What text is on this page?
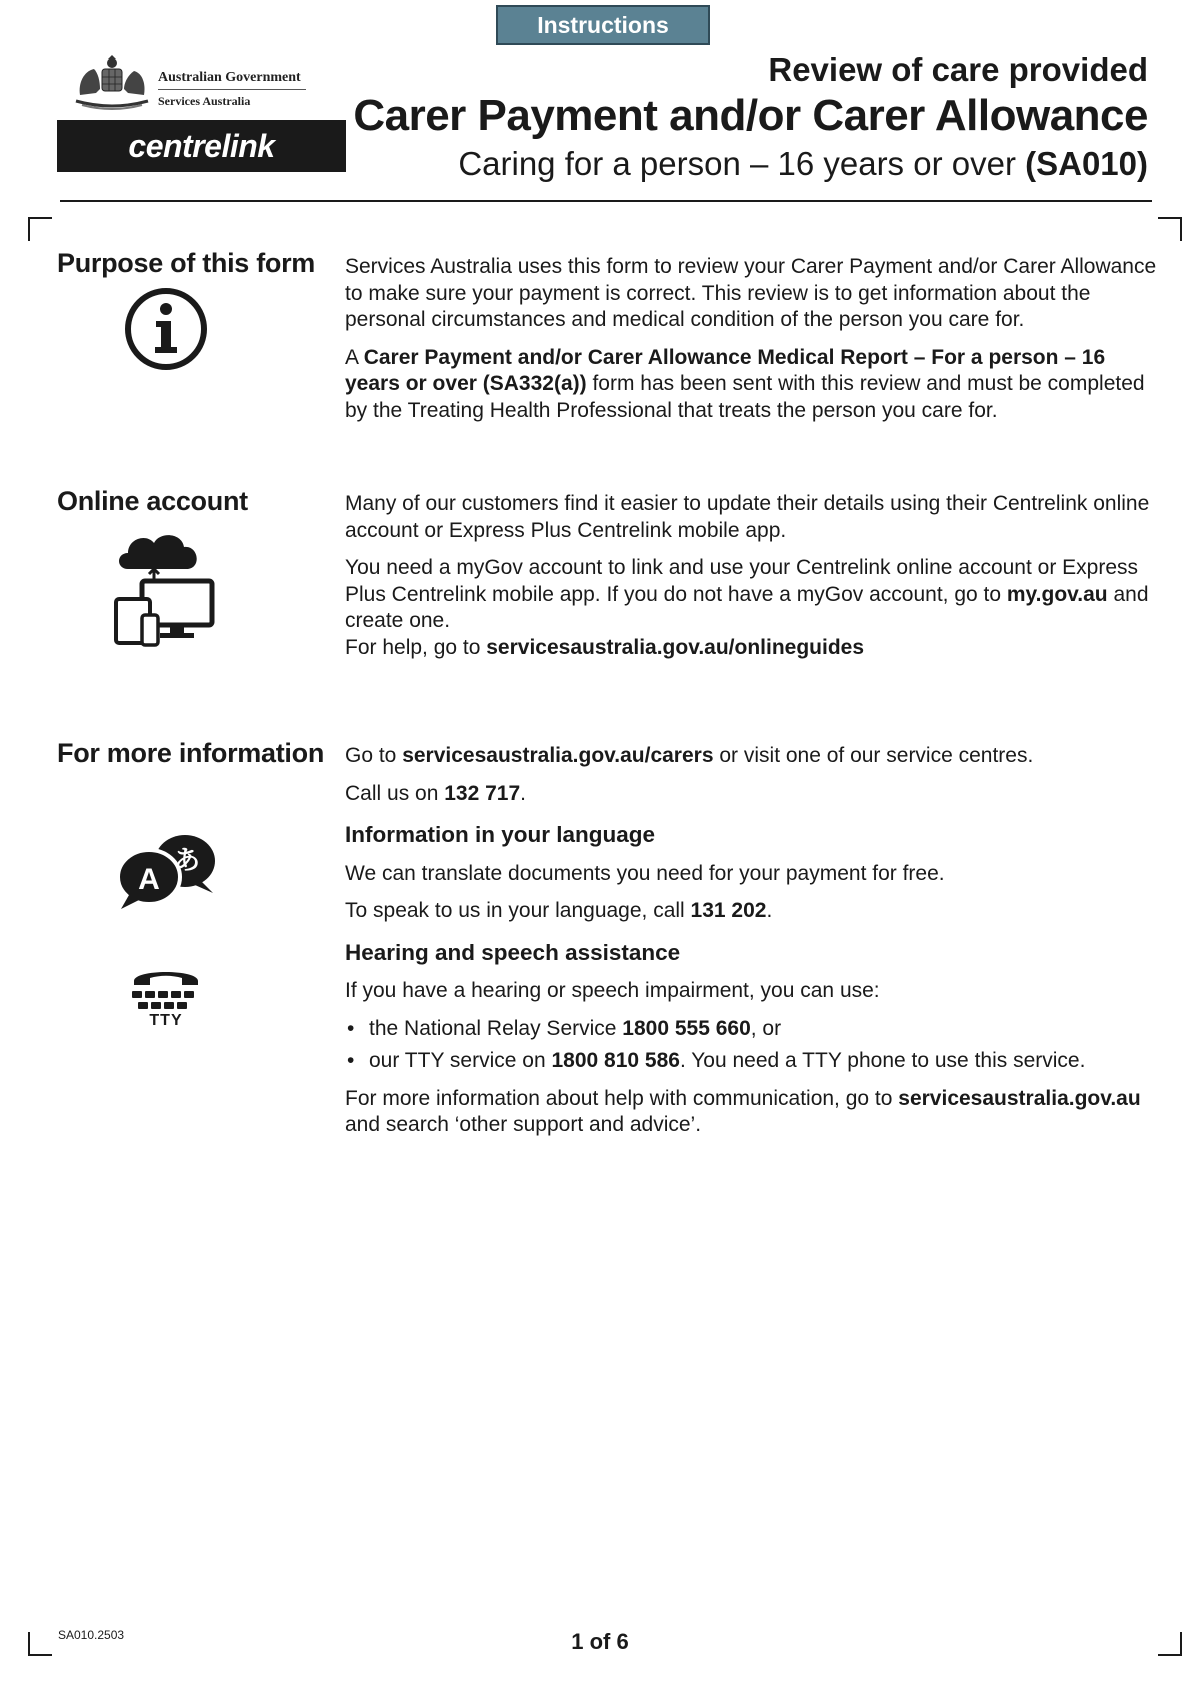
Instructions
Australian Government
Services Australia
centrelink
Review of care provided
Carer Payment and/or Carer Allowance
Caring for a person – 16 years or over (SA010)
Purpose of this form Services Australia uses this form to review your Carer Payment and/or Carer Allowance to make sure your payment is correct. This review is to get information about the personal circumstances and medical condition of the person you care for.

A Carer Payment and/or Carer Allowance Medical Report – For a person – 16 years or over (SA332(a)) form has been sent with this review and must be completed by the Treating Health Professional that treats the person you care for.

Online account	Many of our customers find it easier to update their details using their Centrelink online account or Express Plus Centrelink mobile app.

You need a myGov account to link and use your Centrelink online account or Express Plus Centrelink mobile app. If you do not have a myGov account, go to my.gov.au and create one.

For help, go to servicesaustralia.gov.au/onlineguides

For more information Go to servicesaustralia.gov.au/carers or visit one of our service centres.

Call us on 132 717.

Information in your language

We can translate documents you need for your payment for free.

To speak to us in your language, call 131 202.

Hearing and speech assistance

If you have a hearing or speech impairment, you can use:

• the National Relay Service 1800 555 660, or
• our TTY service on 1800 810 586. You need a TTY phone to use this service.

For more information about help with communication, go to servicesaustralia.gov.au and search ‘other support and advice’.

A
あ
TTY
SA010.2503	1 of 6
